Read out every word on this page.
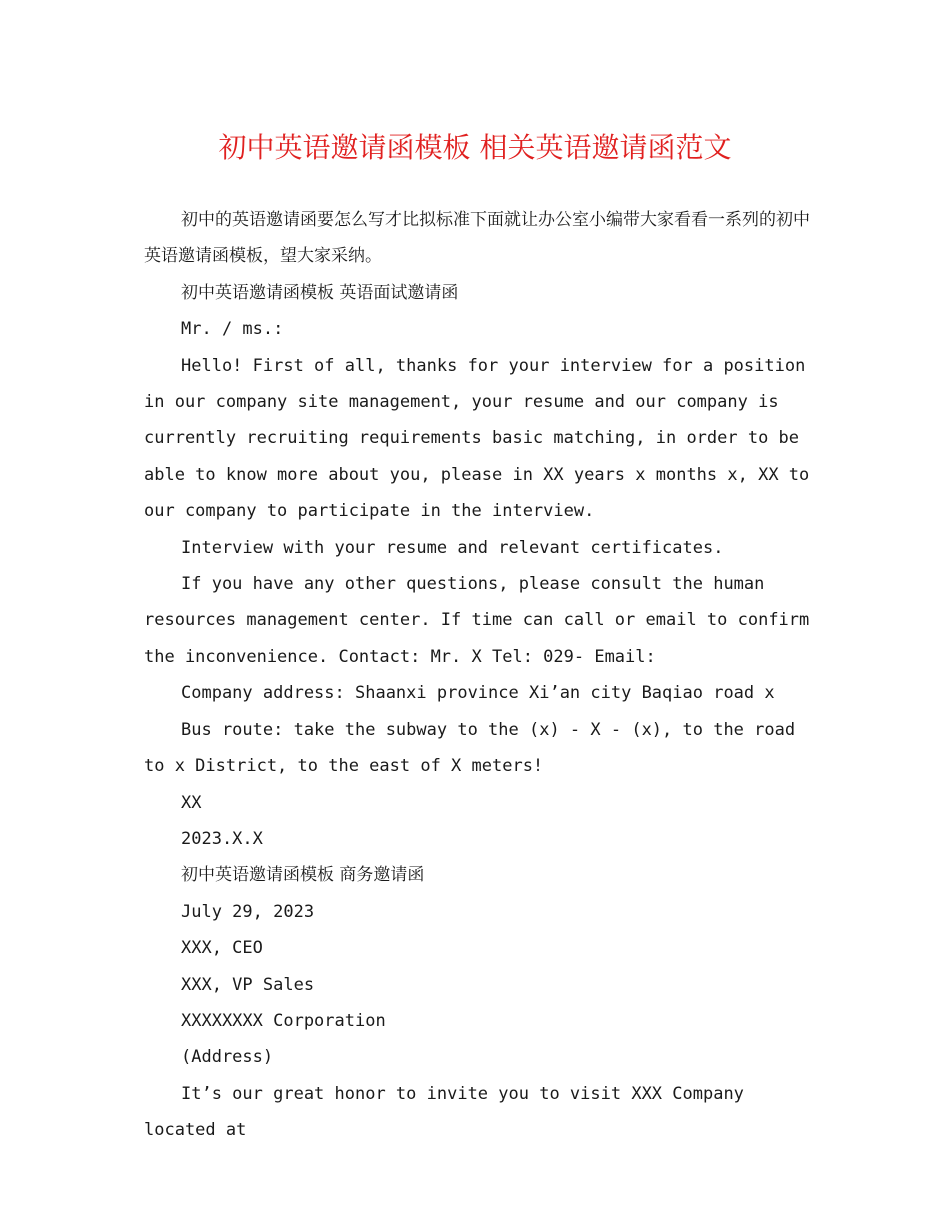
初中英语邀请函模板 相关英语邀请函范文

初中的英语邀请函要怎么写才比拟标准下面就让办公室小编带大家看看一系列的初中英语邀请函模板，望大家采纳。

初中英语邀请函模板 英语面试邀请函

Mr. / ms.:

Hello! First of all, thanks for your interview for a position in our company site management, your resume and our company is currently recruiting requirements basic matching, in order to be able to know more about you, please in XX years x months x, XX to our company to participate in the interview.

Interview with your resume and relevant certificates.

If you have any other questions, please consult the human resources management center. If time can call or email to confirm the inconvenience. Contact: Mr. X Tel: 029- Email:

Company address: Shaanxi province Xi’an city Baqiao road x

Bus route: take the subway to the (x) - X - (x), to the road to x District, to the east of X meters!

XX

2023.X.X

初中英语邀请函模板 商务邀请函

July 29, 2023

XXX, CEO

XXX, VP Sales

XXXXXXXX Corporation

(Address)

It’s our great honor to invite you to visit XXX Company located at
